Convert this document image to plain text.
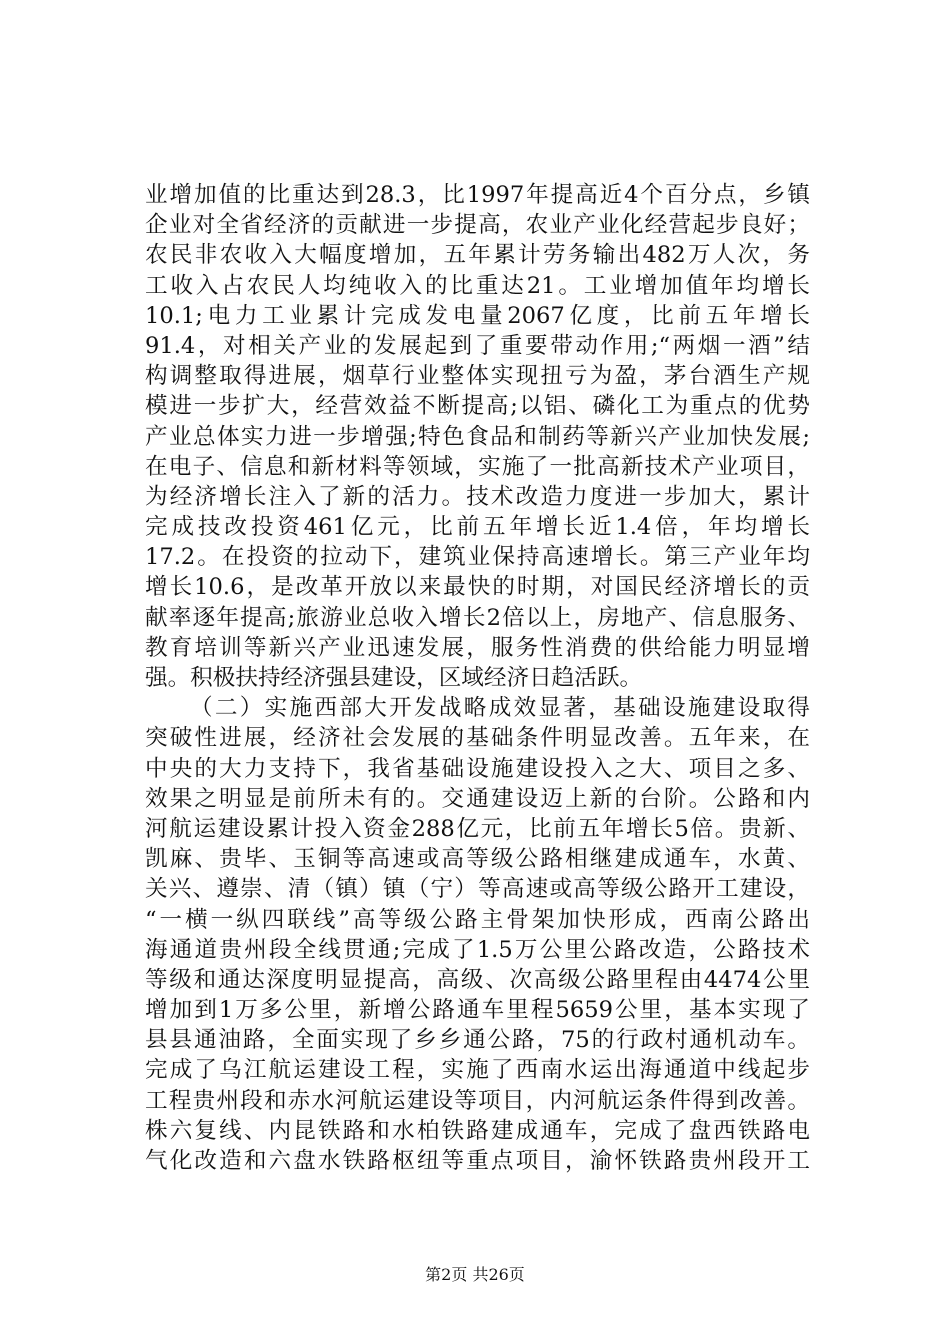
业增加值的比重达到28.3，比1997年提高近4个百分点，乡镇
企业对全省经济的贡献进一步提高，农业产业化经营起步良好；
农民非农收入大幅度增加，五年累计劳务输出482万人次，务
工收入占农民人均纯收入的比重达21。工业增加值年均增长
10.1;电力工业累计完成发电量2067亿度，比前五年增长
91.4，对相关产业的发展起到了重要带动作用;“两烟一酒”结
构调整取得进展，烟草行业整体实现扭亏为盈，茅台酒生产规
模进一步扩大，经营效益不断提高;以铝、磷化工为重点的优势
产业总体实力进一步增强;特色食品和制药等新兴产业加快发展;
在电子、信息和新材料等领域，实施了一批高新技术产业项目，
为经济增长注入了新的活力。技术改造力度进一步加大，累计
完成技改投资461亿元，比前五年增长近1.4倍，年均增长
17.2。在投资的拉动下，建筑业保持高速增长。第三产业年均
增长10.6，是改革开放以来最快的时期，对国民经济增长的贡
献率逐年提高;旅游业总收入增长2倍以上，房地产、信息服务、
教育培训等新兴产业迅速发展，服务性消费的供给能力明显增
强。积极扶持经济强县建设，区域经济日趋活跃。
（二）实施西部大开发战略成效显著，基础设施建设取得
突破性进展，经济社会发展的基础条件明显改善。五年来，在
中央的大力支持下，我省基础设施建设投入之大、项目之多、
效果之明显是前所未有的。交通建设迈上新的台阶。公路和内
河航运建设累计投入资金288亿元，比前五年增长5倍。贵新、
凯麻、贵毕、玉铜等高速或高等级公路相继建成通车，水黄、
关兴、遵崇、清（镇）镇（宁）等高速或高等级公路开工建设，
“一横一纵四联线”高等级公路主骨架加快形成，西南公路出
海通道贵州段全线贯通;完成了1.5万公里公路改造，公路技术
等级和通达深度明显提高，高级、次高级公路里程由4474公里
增加到1万多公里，新增公路通车里程5659公里，基本实现了
县县通油路，全面实现了乡乡通公路，75的行政村通机动车。
完成了乌江航运建设工程，实施了西南水运出海通道中线起步
工程贵州段和赤水河航运建设等项目，内河航运条件得到改善。
株六复线、内昆铁路和水柏铁路建成通车，完成了盘西铁路电
气化改造和六盘水铁路枢纽等重点项目，渝怀铁路贵州段开工
第2页 共26页
